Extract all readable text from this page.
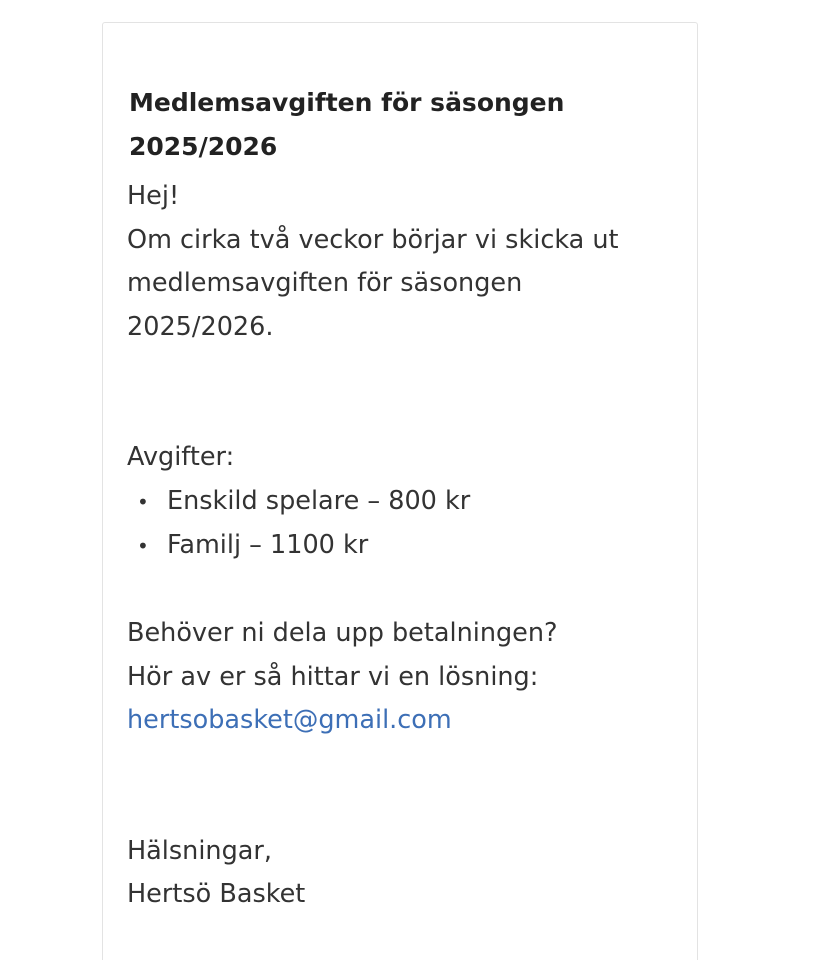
Medlemsavgiften för säsongen
2025/2026
Hej!
Om cirka två veckor börjar vi skicka ut
medlemsavgiften för säsongen
2025/2026.
Avgifter:
• Enskild spelare – 800 kr
• Familj – 1100 kr
Behöver ni dela upp betalningen?
Hör av er så hittar vi en lösning:
hertsobasket@gmail.com
Hälsningar,
Hertsö Basket
